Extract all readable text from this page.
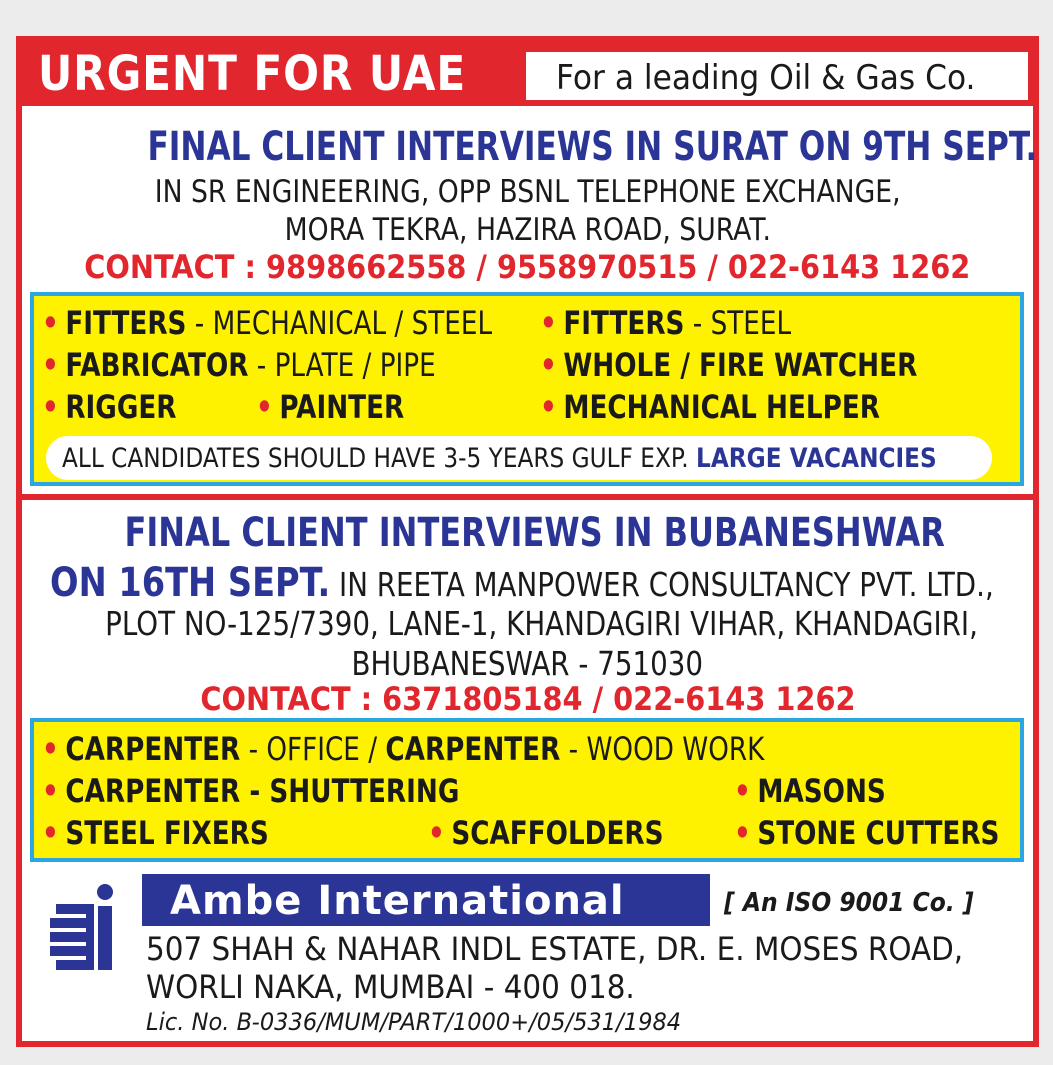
URGENT FOR UAE	For a leading Oil & Gas Co.
FINAL CLIENT INTERVIEWS IN SURAT ON 9TH SEPT.
IN SR ENGINEERING, OPP BSNL TELEPHONE EXCHANGE,
MORA TEKRA, HAZIRA ROAD, SURAT.
CONTACT : 9898662558 / 9558970515 / 022-6143 1262
• FITTERS - MECHANICAL / STEEL • FITTERS - STEEL
• FABRICATOR - PLATE / PIPE	• WHOLE / FIRE WATCHER
• RIGGER • PAINTER	• MECHANICAL HELPER
ALL CANDIDATES SHOULD HAVE 3-5 YEARS GULF EXP. LARGE VACANCIES
FINAL CLIENT INTERVIEWS IN BUBANESHWAR
ON 16TH SEPT. IN REETA MANPOWER CONSULTANCY PVT. LTD.,
PLOT NO-125/7390, LANE-1, KHANDAGIRI VIHAR, KHANDAGIRI,
BHUBANESWAR - 751030
CONTACT : 6371805184 / 022-6143 1262
• CARPENTER - OFFICE / CARPENTER - WOOD WORK
• CARPENTER - SHUTTERING	• MASONS
• STEEL FIXERS	• SCAFFOLDERS • STONE CUTTERS
Ambe International	[ An ISO 9001 Co. ]
507 SHAH & NAHAR INDL ESTATE, DR. E. MOSES ROAD,
WORLI NAKA, MUMBAI - 400 018.
Lic. No. B-0336/MUM/PART/1000+/05/531/1984
